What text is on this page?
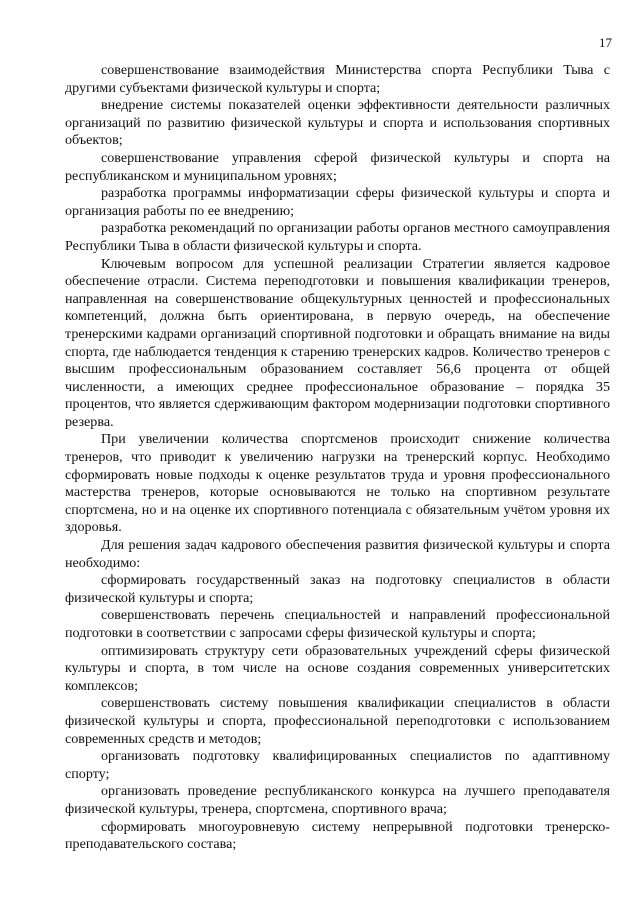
17

совершенствование взаимодействия Министерства спорта Республики Тыва с другими субъектами физической культуры и спорта;

внедрение системы показателей оценки эффективности деятельности различных организаций по развитию физической культуры и спорта и использования спортивных объектов;

совершенствование управления сферой физической культуры и спорта на республиканском и муниципальном уровнях;

разработка программы информатизации сферы физической культуры и спорта и организация работы по ее внедрению;

разработка рекомендаций по организации работы органов местного самоуправления Республики Тыва в области физической культуры и спорта.

Ключевым вопросом для успешной реализации Стратегии является кадровое обеспечение отрасли. Система переподготовки и повышения квалификации тренеров, направленная на совершенствование общекультурных ценностей и профессиональных компетенций, должна быть ориентирована, в первую очередь, на обеспечение тренерскими кадрами организаций спортивной подготовки и обращать внимание на виды спорта, где наблюдается тенденция к старению тренерских кадров. Количество тренеров с высшим профессиональным образованием составляет 56,6 процента от общей численности, а имеющих среднее профессиональное образование – порядка 35 процентов, что является сдерживающим фактором модернизации подготовки спортивного резерва.

При увеличении количества спортсменов происходит снижение количества тренеров, что приводит к увеличению нагрузки на тренерский корпус. Необходимо сформировать новые подходы к оценке результатов труда и уровня профессионального мастерства тренеров, которые основываются не только на спортивном результате спортсмена, но и на оценке их спортивного потенциала с обязательным учётом уровня их здоровья.

Для решения задач кадрового обеспечения развития физической культуры и спорта необходимо:

сформировать государственный заказ на подготовку специалистов в области физической культуры и спорта;

совершенствовать перечень специальностей и направлений профессиональной подготовки в соответствии с запросами сферы физической культуры и спорта;

оптимизировать структуру сети образовательных учреждений сферы физической культуры и спорта, в том числе на основе создания современных университетских комплексов;

совершенствовать систему повышения квалификации специалистов в области физической культуры и спорта, профессиональной переподготовки с использованием современных средств и методов;

организовать подготовку квалифицированных специалистов по адаптивному спорту;

организовать проведение республиканского конкурса на лучшего преподавателя физической культуры, тренера, спортсмена, спортивного врача;

сформировать многоуровневую систему непрерывной подготовки тренерско-преподавательского состава;
